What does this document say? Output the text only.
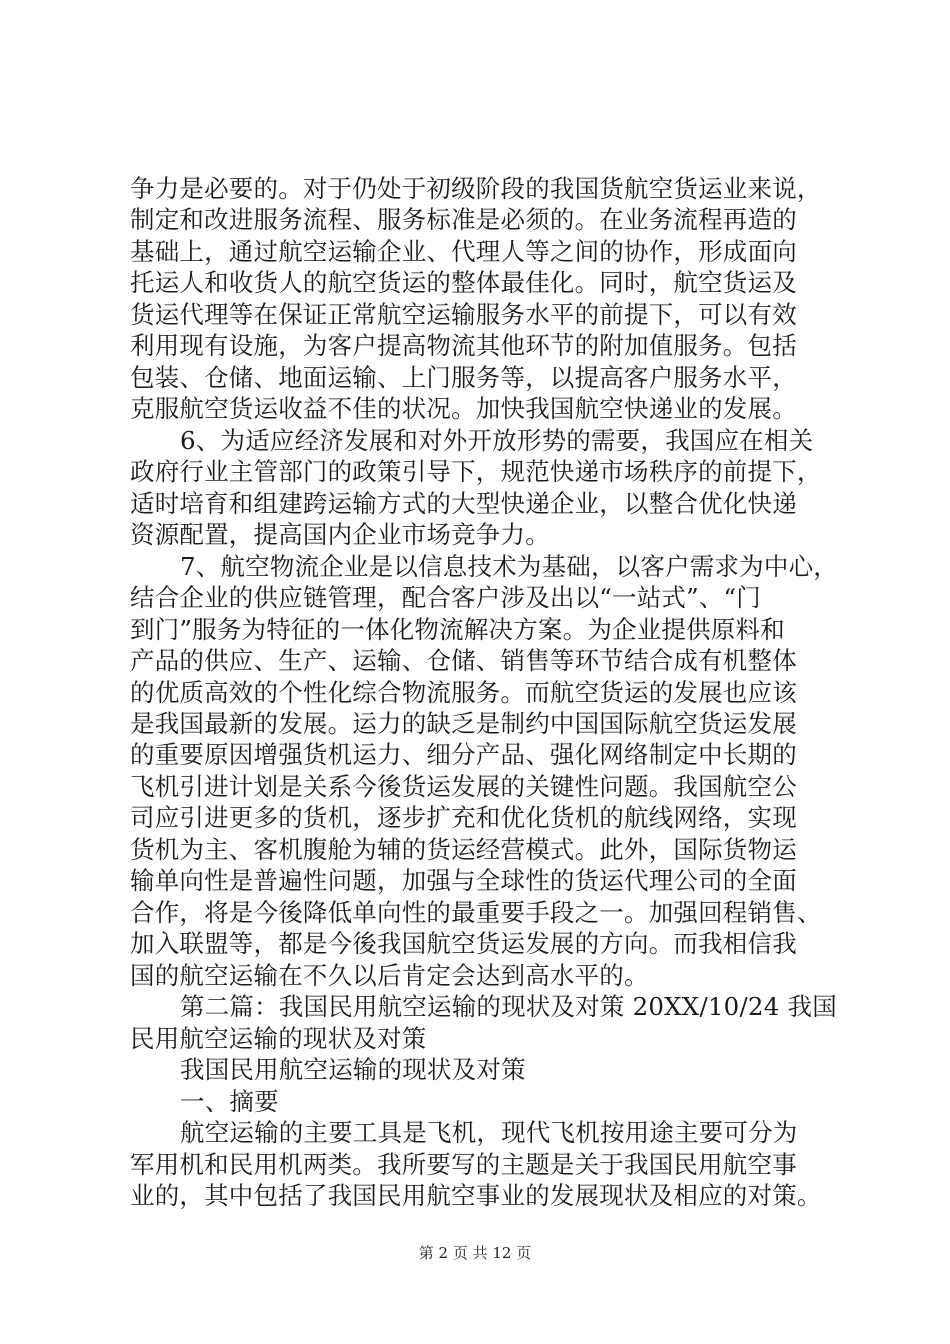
争力是必要的。对于仍处于初级阶段的我国货航空货运业来说，
制定和改进服务流程、服务标准是必须的。在业务流程再造的
基础上，通过航空运输企业、代理人等之间的协作，形成面向
托运人和收货人的航空货运的整体最佳化。同时，航空货运及
货运代理等在保证正常航空运输服务水平的前提下，可以有效
利用现有设施，为客户提高物流其他环节的附加值服务。包括
包装、仓储、地面运输、上门服务等，以提高客户服务水平，
克服航空货运收益不佳的状况。加快我国航空快递业的发展。
6、为适应经济发展和对外开放形势的需要，我国应在相关
政府行业主管部门的政策引导下，规范快递市场秩序的前提下，
适时培育和组建跨运输方式的大型快递企业，以整合优化快递
资源配置，提高国内企业市场竞争力。
7、航空物流企业是以信息技术为基础，以客户需求为中心，
结合企业的供应链管理，配合客户涉及出以“一站式”、“门
到门”服务为特征的一体化物流解决方案。为企业提供原料和
产品的供应、生产、运输、仓储、销售等环节结合成有机整体
的优质高效的个性化综合物流服务。而航空货运的发展也应该
是我国最新的发展。运力的缺乏是制约中国国际航空货运发展
的重要原因增强货机运力、细分产品、强化网络制定中长期的
飞机引进计划是关系今後货运发展的关键性问题。我国航空公
司应引进更多的货机，逐步扩充和优化货机的航线网络，实现
货机为主、客机腹舱为辅的货运经营模式。此外，国际货物运
输单向性是普遍性问题，加强与全球性的货运代理公司的全面
合作，将是今後降低单向性的最重要手段之一。加强回程销售、
加入联盟等，都是今後我国航空货运发展的方向。而我相信我
国的航空运输在不久以后肯定会达到高水平的。
第二篇：我国民用航空运输的现状及对策 20XX/10/24 我国
民用航空运输的现状及对策
我国民用航空运输的现状及对策
一、摘要
航空运输的主要工具是飞机，现代飞机按用途主要可分为
军用机和民用机两类。我所要写的主题是关于我国民用航空事
业的，其中包括了我国民用航空事业的发展现状及相应的对策。
第 2 页 共 12 页
